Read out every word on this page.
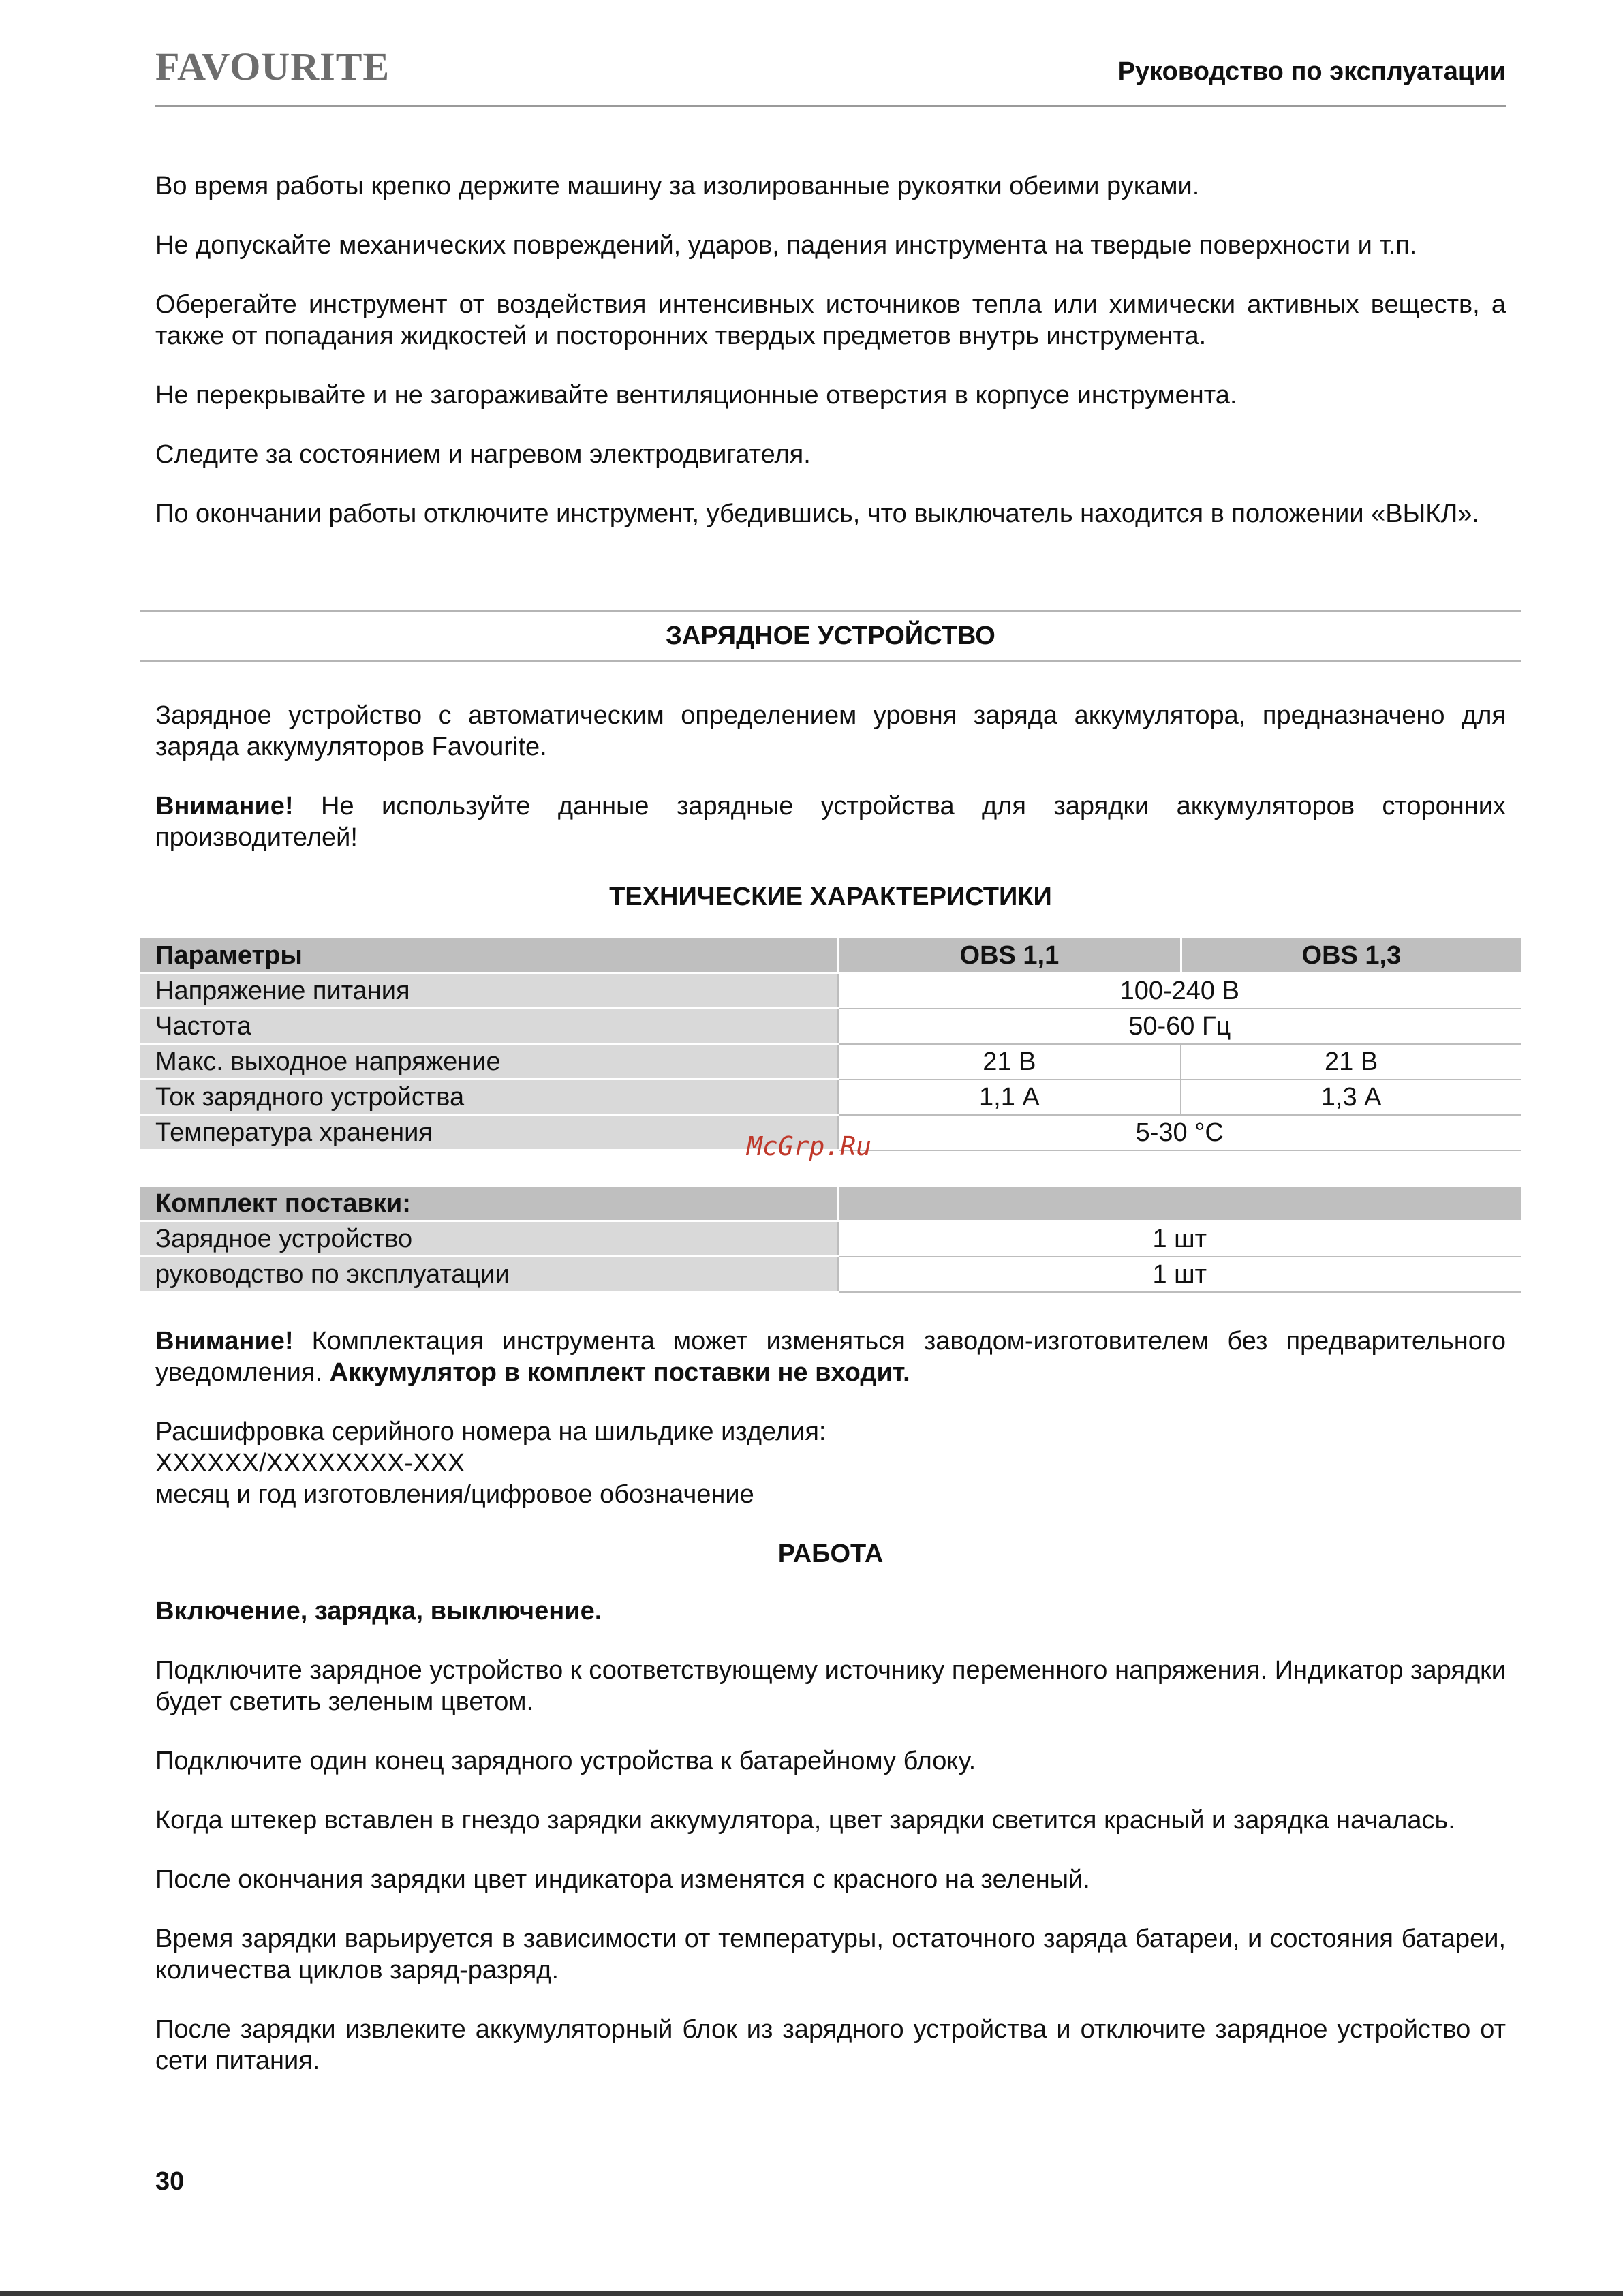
FAVOURITE	Руководство по эксплуатации

Во время работы крепко держите машину за изолированные рукоятки обеими руками.

Не допускайте механических повреждений, ударов, падения инструмента на твердые поверхности и т.п.

Оберегайте инструмент от воздействия интенсивных источников тепла или химически активных веществ, а также от попадания жидкостей и посторонних твердых предметов внутрь инструмента.

Не перекрывайте и не загораживайте вентиляционные отверстия в корпусе инструмента.

Следите за состоянием и нагревом электродвигателя.

По окончании работы отключите инструмент, убедившись, что выключатель находится в положении «ВЫКЛ».

ЗАРЯДНОЕ УСТРОЙСТВО

Зарядное устройство с автоматическим определением уровня заряда аккумулятора, предназначено для заряда аккумуляторов Favourite.

Внимание! Не используйте данные зарядные устройства для зарядки аккумуляторов сторонних производителей!

ТЕХНИЧЕСКИЕ ХАРАКТЕРИСТИКИ
Параметры	OBS 1,1	OBS 1,3
Напряжение питания	100-240 В	
Частота	50-60 Гц	
Макс. выходное напряжение	21 В	21 В
Ток зарядного устройства	1,1 А	1,3 А
Температура хранения	5-30 °С	
Комплект поставки:	
Зарядное устройство	1 шт
руководство по эксплуатации	1 шт

Внимание! Комплектация инструмента может изменяться заводом-изготовителем без предварительного уведомления. Аккумулятор в комплект поставки не входит.

Расшифровка серийного номера на шильдике изделия:
XXXXXX/XXXXXXXX-XXX
месяц и год изготовления/цифровое обозначение
РАБОТА

Включение, зарядка, выключение.

Подключите зарядное устройство к соответствующему источнику переменного напряжения. Индикатор зарядки будет светить зеленым цветом.

Подключите один конец зарядного устройства к батарейному блоку.

Когда штекер вставлен в гнездо зарядки аккумулятора, цвет зарядки светится красный и зарядка началась.

После окончания зарядки цвет индикатора изменятся с красного на зеленый.

Время зарядки варьируется в зависимости от температуры, остаточного заряда батареи, и состояния батареи, количества циклов заряд-разряд.

После зарядки извлеките аккумуляторный блок из зарядного устройства и отключите зарядное устройство от сети питания.

McGrp.Ru
30
